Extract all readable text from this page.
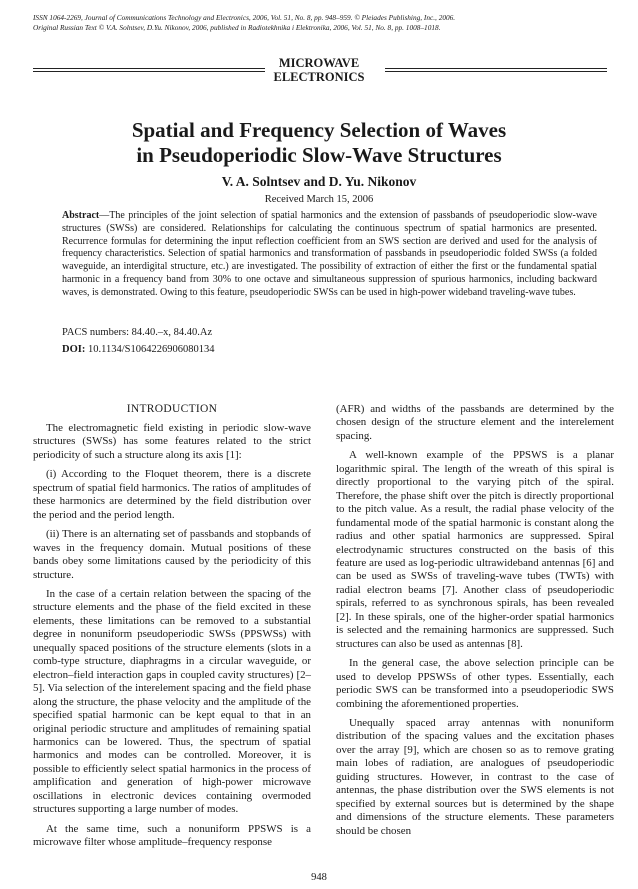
ISSN 1064-2269, Journal of Communications Technology and Electronics, 2006, Vol. 51, No. 8, pp. 948–959. © Pleiades Publishing, Inc., 2006.
Original Russian Text © V.A. Solntsev, D.Yu. Nikonov, 2006, published in Radiotekhnika i Elektronika, 2006, Vol. 51, No. 8, pp. 1008–1018.
MICROWAVE
ELECTRONICS
Spatial and Frequency Selection of Waves
in Pseudoperiodic Slow-Wave Structures
V. A. Solntsev and D. Yu. Nikonov
Received March 15, 2006
Abstract—The principles of the joint selection of spatial harmonics and the extension of passbands of pseudoperiodic slow-wave structures (SWSs) are considered. Relationships for calculating the continuous spectrum of spatial harmonics are presented. Recurrence formulas for determining the input reflection coefficient from an SWS section are derived and used for the analysis of frequency characteristics. Selection of spatial harmonics and transformation of passbands in pseudoperiodic folded SWSs (a folded waveguide, an interdigital structure, etc.) are investigated. The possibility of extraction of either the first or the fundamental spatial harmonic in a frequency band from 30% to one octave and simultaneous suppression of spurious harmonics, including backward waves, is demonstrated. Owing to this feature, pseudoperiodic SWSs can be used in high-power wideband traveling-wave tubes.
PACS numbers: 84.40.–x, 84.40.Az
DOI: 10.1134/S1064226906080134
INTRODUCTION

The electromagnetic field existing in periodic slow-wave structures (SWSs) has some features related to the strict periodicity of such a structure along its axis [1]:

(i) According to the Floquet theorem, there is a discrete spectrum of spatial field harmonics. The ratios of amplitudes of these harmonics are determined by the field distribution over the period and the period length.

(ii) There is an alternating set of passbands and stopbands of waves in the frequency domain. Mutual positions of these bands obey some limitations caused by the periodicity of this structure.

In the case of a certain relation between the spacing of the structure elements and the phase of the field excited in these elements, these limitations can be removed to a substantial degree in nonuniform pseudoperiodic SWSs (PPSWSs) with unequally spaced positions of the structure elements (slots in a comb-type structure, diaphragms in a circular waveguide, or electron–field interaction gaps in coupled cavity structures) [2–5]. Via selection of the interelement spacing and the field phase along the structure, the phase velocity and the amplitude of the specified spatial harmonic can be kept equal to that in an original periodic structure and amplitudes of remaining spatial harmonics can be lowered. Thus, the spectrum of spatial harmonics and modes can be controlled. Moreover, it is possible to efficiently select spatial harmonics in the process of amplification and generation of high-power microwave oscillations in electronic devices containing overmoded structures supporting a large number of modes.

At the same time, such a nonuniform PPSWS is a microwave filter whose amplitude–frequency response

(AFR) and widths of the passbands are determined by the chosen design of the structure element and the interelement spacing.

A well-known example of the PPSWS is a planar logarithmic spiral. The length of the wreath of this spiral is directly proportional to the varying pitch of the spiral. Therefore, the phase shift over the pitch is directly proportional to the pitch value. As a result, the radial phase velocity of the fundamental mode of the spatial harmonic is constant along the radius and other spatial harmonics are suppressed. Spiral electrodynamic structures constructed on the basis of this feature are used as log-periodic ultrawideband antennas [6] and can be used as SWSs of traveling-wave tubes (TWTs) with radial electron beams [7]. Another class of pseudoperiodic spirals, referred to as synchronous spirals, has been revealed [2]. In these spirals, one of the higher-order spatial harmonics is selected and the remaining harmonics are suppressed. Such structures can also be used as antennas [8].

In the general case, the above selection principle can be used to develop PPSWSs of other types. Essentially, each periodic SWS can be transformed into a pseudoperiodic SWS combining the aforementioned properties.

Unequally spaced array antennas with nonuniform distribution of the spacing values and the excitation phases over the array [9], which are chosen so as to remove grating main lobes of radiation, are analogues of pseudoperiodic guiding structures. However, in contrast to the case of antennas, the phase distribution over the SWS elements is not specified by external sources but is determined by the shape and dimensions of the structure elements. These parameters should be chosen

948
